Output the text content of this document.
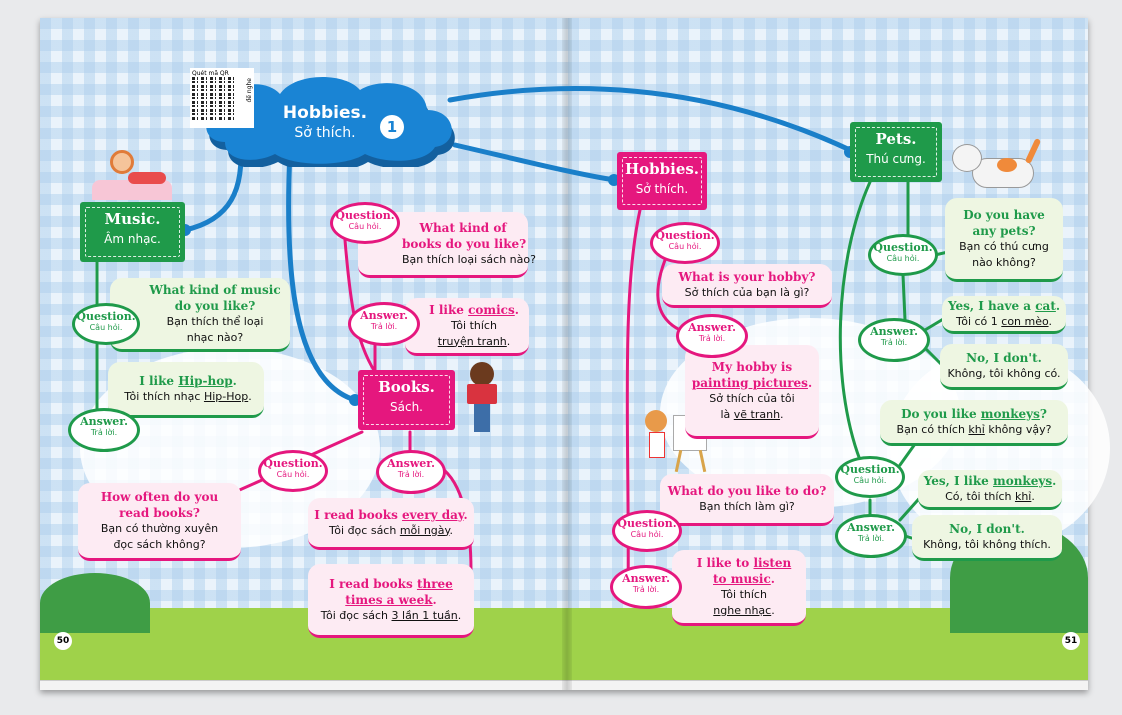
Quét mã QR
để nghe
Hobbies.
Sở thích.	1
Music.
Âm nhạc.
Books.
Sách.
Hobbies.
Sở thích.
Pets.
Thú cưng.
Question.
Câu hỏi.
Answer.
Trả lời.
Question.
Câu hỏi.
Answer.
Trả lời.
Question.
Câu hỏi.
Answer.
Trả lời.
Question.
Câu hỏi.
Answer.
Trả lời.
Question.
Câu hỏi.
Answer.
Trả lời.
Question.
Câu hỏi.
Answer.
Trả lời.
Question.
Câu hỏi.
Answer.
Trả lời.
What kind of music
do you like?
Bạn thích thể loại
nhạc nào?
I like Hip-hop.
Tôi thích nhạc Hip-Hop.
What kind of
books do you like?
Bạn thích loại sách nào?
I like comics.
Tôi thích
truyện tranh.
How often do you
read books?
Bạn có thường xuyên
đọc sách không?
I read books every day.
Tôi đọc sách mỗi ngày.
I read books three
times a week.
Tôi đọc sách 3 lần 1 tuần.
What is your hobby?
Sở thích của bạn là gì?
My hobby is
painting pictures.
Sở thích của tôi
là vẽ tranh.
What do you like to do?
Bạn thích làm gì?
I like to listen
to music.
Tôi thích
nghe nhạc.
Do you have
any pets?
Bạn có thú cưng
nào không?
Yes, I have a cat.
Tôi có 1 con mèo.
No, I don't.
Không, tôi không có.
Do you like monkeys?
Bạn có thích khỉ không vậy?
Yes, I like monkeys.
Có, tôi thích khỉ.
No, I don't.
Không, tôi không thích.
50	51
